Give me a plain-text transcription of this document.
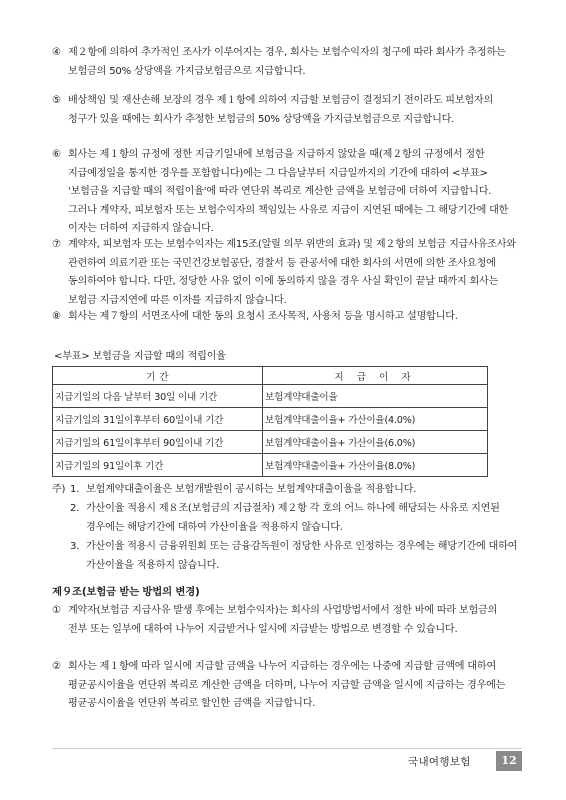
④ 제２항에 의하여 추가적인 조사가 이루어지는 경우, 회사는 보험수익자의 청구에 따라 회사가 추정하는 보험금의 50% 상당액을 가지급보험금으로 지급합니다.
⑤ 배상책임 및 재산손해 보장의 경우 제１항에 의하여 지급할 보험금이 결정되기 전이라도 피보험자의 청구가 있을 때에는 회사가 추정한 보험금의 50% 상당액을 가지급보험금으로 지급합니다.
⑥ 회사는 제１항의 규정에 정한 지급기일내에 보험금을 지급하지 않았을 때(제２항의 규정에서 정한 지급예정일을 통지한 경우를 포함합니다)에는 그 다음날부터 지급일까지의 기간에 대하여 <부표> '보험금을 지급할 때의 적립이율'에 따라 연단위 복리로 계산한 금액을 보험금에 더하여 지급합니다. 그러나 계약자, 피보험자 또는 보험수익자의 책임있는 사유로 지급이 지연된 때에는 그 해당기간에 대한 이자는 더하여 지급하지 않습니다.
⑦ 계약자, 피보험자 또는 보험수익자는 제15조(알릴 의무 위반의 효과) 및 제２항의 보험금 지급사유조사와 관련하여 의료기관 또는 국민건강보험공단, 경찰서 등 관공서에 대한 회사의 서면에 의한 조사요청에 동의하여야 합니다. 다만, 정당한 사유 없이 이에 동의하지 않을 경우 사실 확인이 끝날 때까지 회사는 보험금 지급지연에 따른 이자를 지급하지 않습니다.
⑧ 회사는 제７항의 서면조사에 대한 동의 요청시 조사목적, 사용처 등을 명시하고 설명합니다.
<부표> 보험금을 지급할 때의 적립이율
기 간	지 급 이 자
지급기일의 다음 날부터 30일 이내 기간	보험계약대출이율
지급기일의 31일이후부터 60일이내 기간	보험계약대출이율+ 가산이율(4.0%)
지급기일의 61일이후부터 90일이내 기간	보험계약대출이율+ 가산이율(6.0%)
지급기일의 91일이후 기간	보험계약대출이율+ 가산이율(8.0%)
주) 1. 보험계약대출이율은 보험개발원이 공시하는 보험계약대출이율을 적용합니다.
2. 가산이율 적용시 제８조(보험금의 지급절차) 제２항 각 호의 어느 하나에 해당되는 사유로 지연된 경우에는 해당기간에 대하여 가산이율을 적용하지 않습니다.
3. 가산이율 적용시 금융위원회 또는 금융감독원이 정당한 사유로 인정하는 경우에는 해당기간에 대하여 가산이율을 적용하지 않습니다.
제９조(보험금 받는 방법의 변경)
① 계약자(보험금 지급사유 발생 후에는 보험수익자)는 회사의 사업방법서에서 정한 바에 따라 보험금의 전부 또는 일부에 대하여 나누어 지급받거나 일시에 지급받는 방법으로 변경할 수 있습니다.
② 회사는 제１항에 따라 일시에 지급할 금액을 나누어 지급하는 경우에는 나중에 지급할 금액에 대하여 평균공시이율을 연단위 복리로 계산한 금액을 더하며, 나누어 지급할 금액을 일시에 지급하는 경우에는 평균공시이율을 연단위 복리로 할인한 금액을 지급합니다.
국내여행보험	12
